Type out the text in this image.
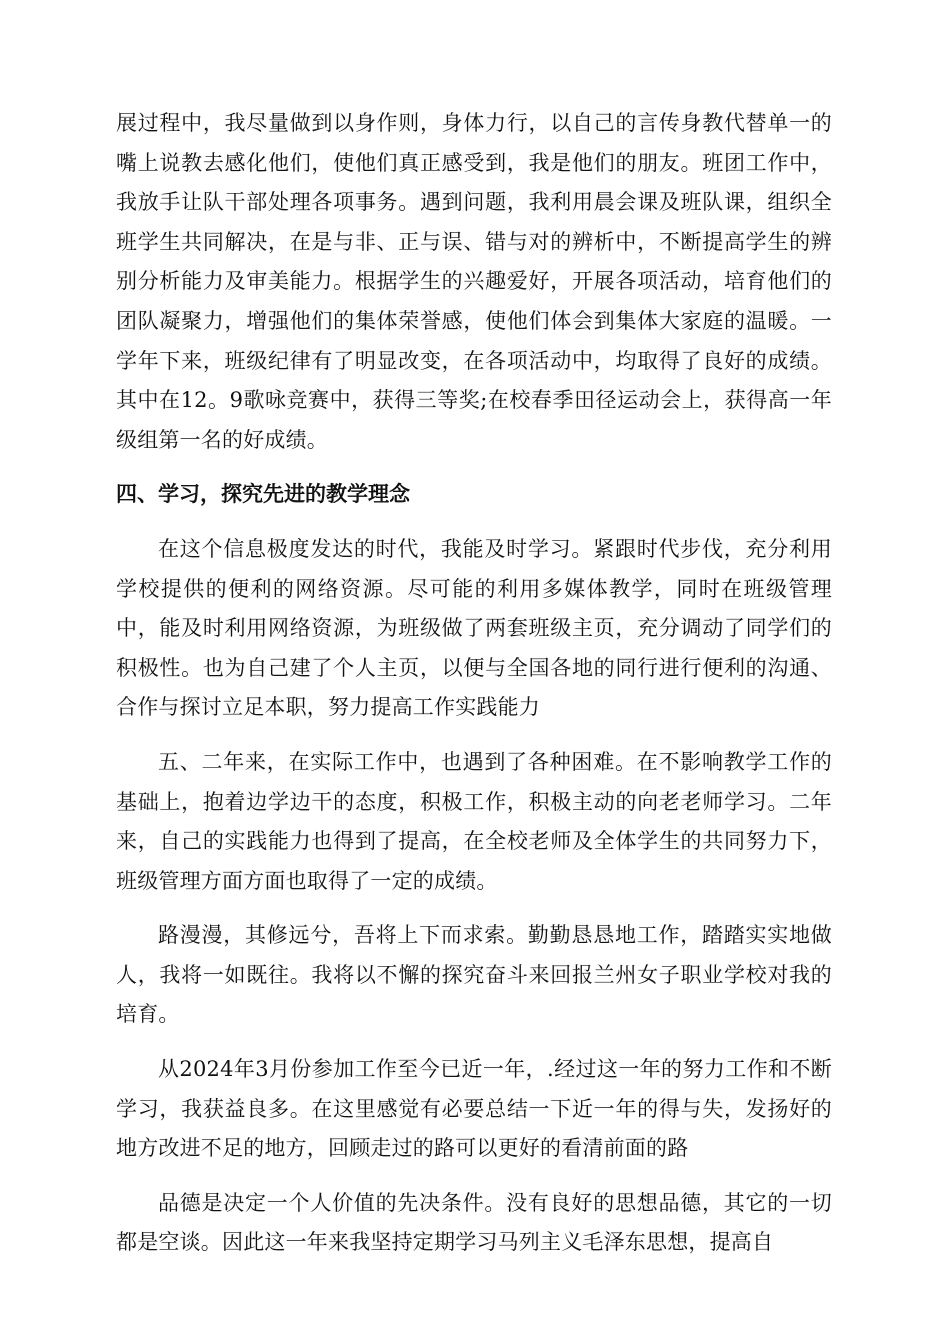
展过程中，我尽量做到以身作则，身体力行，以自己的言传身教代替单一的嘴上说教去感化他们，使他们真正感受到，我是他们的朋友。班团工作中，我放手让队干部处理各项事务。遇到问题，我利用晨会课及班队课，组织全班学生共同解决，在是与非、正与误、错与对的辨析中，不断提高学生的辨别分析能力及审美能力。根据学生的兴趣爱好，开展各项活动，培育他们的团队凝聚力，增强他们的集体荣誉感，使他们体会到集体大家庭的温暖。一学年下来，班级纪律有了明显改变，在各项活动中，均取得了良好的成绩。其中在12。9歌咏竞赛中，获得三等奖;在校春季田径运动会上，获得高一年级组第一名的好成绩。

四、学习，探究先进的教学理念

在这个信息极度发达的时代，我能及时学习。紧跟时代步伐，充分利用学校提供的便利的网络资源。尽可能的利用多媒体教学，同时在班级管理中，能及时利用网络资源，为班级做了两套班级主页，充分调动了同学们的积极性。也为自己建了个人主页，以便与全国各地的同行进行便利的沟通、合作与探讨立足本职，努力提高工作实践能力

五、二年来，在实际工作中，也遇到了各种困难。在不影响教学工作的基础上，抱着边学边干的态度，积极工作，积极主动的向老老师学习。二年来，自己的实践能力也得到了提高，在全校老师及全体学生的共同努力下，班级管理方面方面也取得了一定的成绩。

路漫漫，其修远兮，吾将上下而求索。勤勤恳恳地工作，踏踏实实地做人，我将一如既往。我将以不懈的探究奋斗来回报兰州女子职业学校对我的培育。

从2024年3月份参加工作至今已近一年，.经过这一年的努力工作和不断学习，我获益良多。在这里感觉有必要总结一下近一年的得与失，发扬好的地方改进不足的地方，回顾走过的路可以更好的看清前面的路

品德是决定一个人价值的先决条件。没有良好的思想品德，其它的一切都是空谈。因此这一年来我坚持定期学习马列主义毛泽东思想，提高自
